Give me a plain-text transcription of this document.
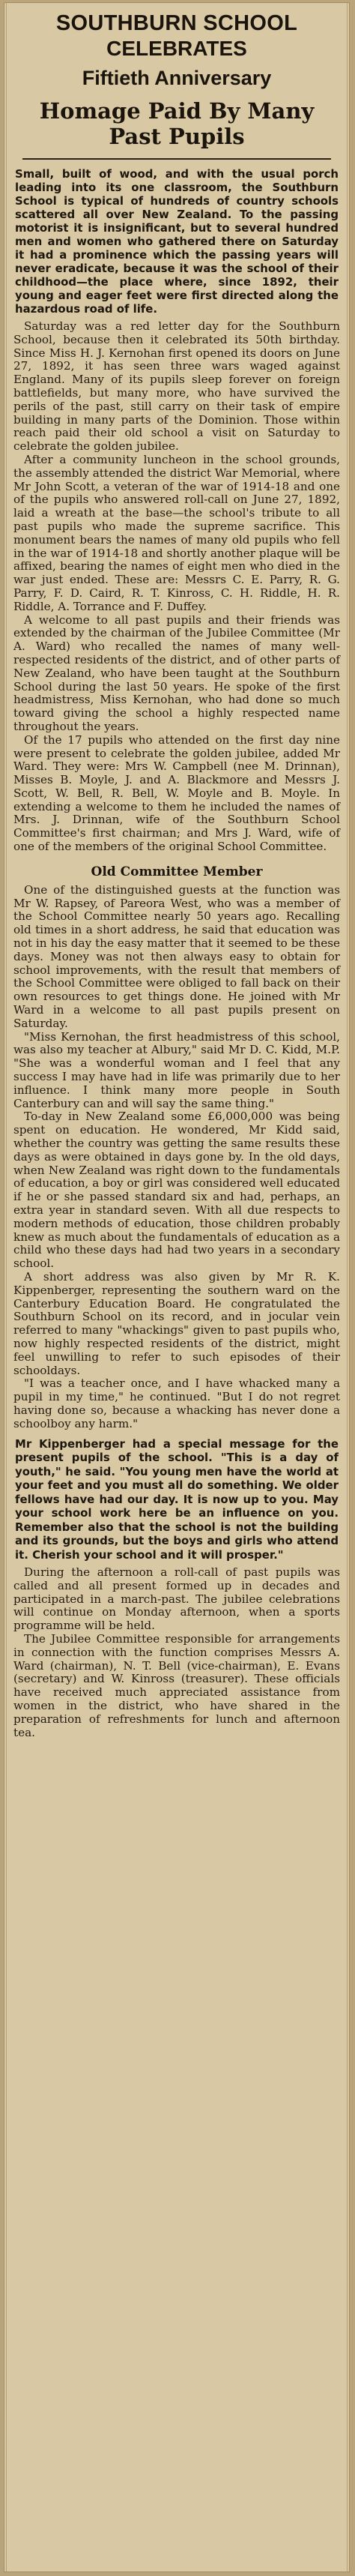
SOUTHBURN SCHOOL
CELEBRATES
Fiftieth Anniversary
Homage Paid By Many
Past Pupils

Small, built of wood, and with the usual porch leading into its one classroom, the Southburn School is typical of hundreds of country schools scattered all over New Zealand. To the passing motorist it is insignificant, but to several hundred men and women who gathered there on Saturday it had a prominence which the passing years will never eradicate, because it was the school of their childhood—the place where, since 1892, their young and eager feet were first directed along the hazardous road of life.

Saturday was a red letter day for the Southburn School, because then it celebrated its 50th birthday. Since Miss H. J. Kernohan first opened its doors on June 27, 1892, it has seen three wars waged against England. Many of its pupils sleep forever on foreign battlefields, but many more, who have survived the perils of the past, still carry on their task of empire building in many parts of the Dominion. Those within reach paid their old school a visit on Saturday to celebrate the golden jubilee.

After a community luncheon in the school grounds, the assembly attended the district War Memorial, where Mr John Scott, a veteran of the war of 1914-18 and one of the pupils who answered roll-call on June 27, 1892, laid a wreath at the base—the school's tribute to all past pupils who made the supreme sacrifice. This monument bears the names of many old pupils who fell in the war of 1914-18 and shortly another plaque will be affixed, bearing the names of eight men who died in the war just ended. These are: Messrs C. E. Parry, R. G. Parry, F. D. Caird, R. T. Kinross, C. H. Riddle, H. R. Riddle, A. Torrance and F. Duffey.

A welcome to all past pupils and their friends was extended by the chairman of the Jubilee Committee (Mr A. Ward) who recalled the names of many well-respected residents of the district, and of other parts of New Zealand, who have been taught at the Southburn School during the last 50 years. He spoke of the first headmistress, Miss Kernohan, who had done so much toward giving the school a highly respected name throughout the years.

Of the 17 pupils who attended on the first day nine were present to celebrate the golden jubilee, added Mr Ward. They were: Mrs W. Campbell (nee M. Drinnan), Misses B. Moyle, J. and A. Blackmore and Messrs J. Scott, W. Bell, R. Bell, W. Moyle and B. Moyle. In extending a welcome to them he included the names of Mrs. J. Drinnan, wife of the Southburn School Committee's first chairman; and Mrs J. Ward, wife of one of the members of the original School Committee.

Old Committee Member

One of the distinguished guests at the function was Mr W. Rapsey, of Pareora West, who was a member of the School Committee nearly 50 years ago. Recalling old times in a short address, he said that education was not in his day the easy matter that it seemed to be these days. Money was not then always easy to obtain for school improvements, with the result that members of the School Committee were obliged to fall back on their own resources to get things done. He joined with Mr Ward in a welcome to all past pupils present on Saturday.

"Miss Kernohan, the first headmistress of this school, was also my teacher at Albury," said Mr D. C. Kidd, M.P. "She was a wonderful woman and I feel that any success I may have had in life was primarily due to her influence. I think many more people in South Canterbury can and will say the same thing."

To-day in New Zealand some £6,000,000 was being spent on education. He wondered, Mr Kidd said, whether the country was getting the same results these days as were obtained in days gone by. In the old days, when New Zealand was right down to the fundamentals of education, a boy or girl was considered well educated if he or she passed standard six and had, perhaps, an extra year in standard seven. With all due respects to modern methods of education, those children probably knew as much about the fundamentals of education as a child who these days had had two years in a secondary school.

A short address was also given by Mr R. K. Kippenberger, representing the southern ward on the Canterbury Education Board. He congratulated the Southburn School on its record, and in jocular vein referred to many "whackings" given to past pupils who, now highly respected residents of the district, might feel unwilling to refer to such episodes of their schooldays.

"I was a teacher once, and I have whacked many a pupil in my time," he continued. "But I do not regret having done so, because a whacking has never done a schoolboy any harm."

Mr Kippenberger had a special message for the present pupils of the school. "This is a day of youth," he said. "You young men have the world at your feet and you must all do something. We older fellows have had our day. It is now up to you. May your school work here be an influence on you. Remember also that the school is not the building and its grounds, but the boys and girls who attend it. Cherish your school and it will prosper."

During the afternoon a roll-call of past pupils was called and all present formed up in decades and participated in a march-past. The jubilee celebrations will continue on Monday afternoon, when a sports programme will be held.

The Jubilee Committee responsible for arrangements in connection with the function comprises Messrs A. Ward (chairman), N. T. Bell (vice-chairman), E. Evans (secretary) and W. Kinross (treasurer). These officials have received much appreciated assistance from women in the district, who have shared in the preparation of refreshments for lunch and afternoon tea.
